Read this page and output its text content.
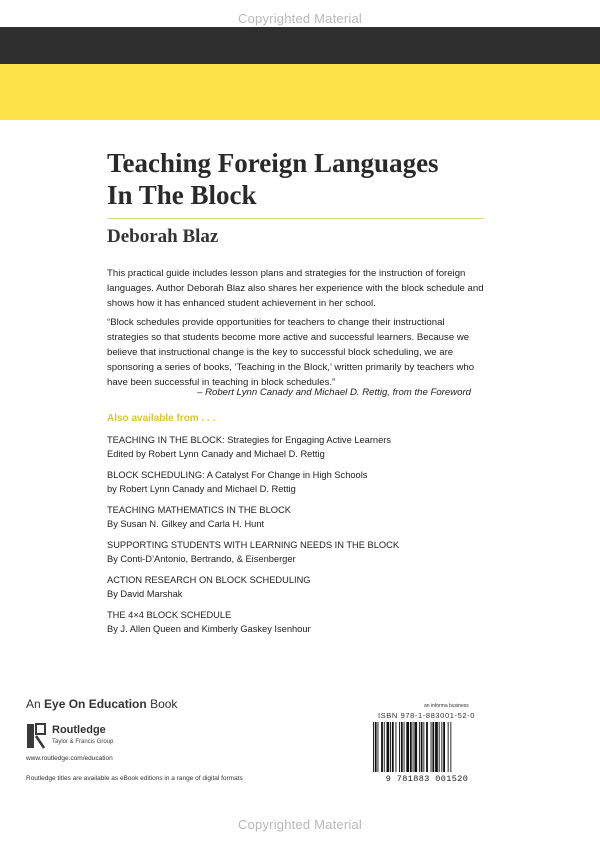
Copyrighted Material
Teaching Foreign Languages
In The Block
Deborah Blaz

This practical guide includes lesson plans and strategies for the instruction of foreign languages. Author Deborah Blaz also shares her experience with the block schedule and shows how it has enhanced student achievement in her school.

“Block schedules provide opportunities for teachers to change their instructional strategies so that students become more active and successful learners. Because we believe that instructional change is the key to successful block scheduling, we are sponsoring a series of books, ‘Teaching in the Block,’ written primarily by teachers who have been successful in teaching in block schedules.”

– Robert Lynn Canady and Michael D. Rettig, from the Foreword
Also available from . . .
TEACHING IN THE BLOCK: Strategies for Engaging Active Learners
Edited by Robert Lynn Canady and Michael D. Rettig
BLOCK SCHEDULING: A Catalyst For Change in High Schools
by Robert Lynn Canady and Michael D. Rettig
TEACHING MATHEMATICS IN THE BLOCK
By Susan N. Gilkey and Carla H. Hunt
SUPPORTING STUDENTS WITH LEARNING NEEDS IN THE BLOCK
By Conti-D’Antonio, Bertrando, & Eisenberger
ACTION RESEARCH ON BLOCK SCHEDULING
By David Marshak
THE 4×4 BLOCK SCHEDULE
By J. Allen Queen and Kimberly Gaskey Isenhour
An Eye On Education Book
Routledge
Taylor & Francis Group
www.routledge.com/education
Routledge titles are available as eBook editions in a range of digital formats
an informa business
ISBN 978-1-883001-52-0
9 781883 001520
Copyrighted Material
